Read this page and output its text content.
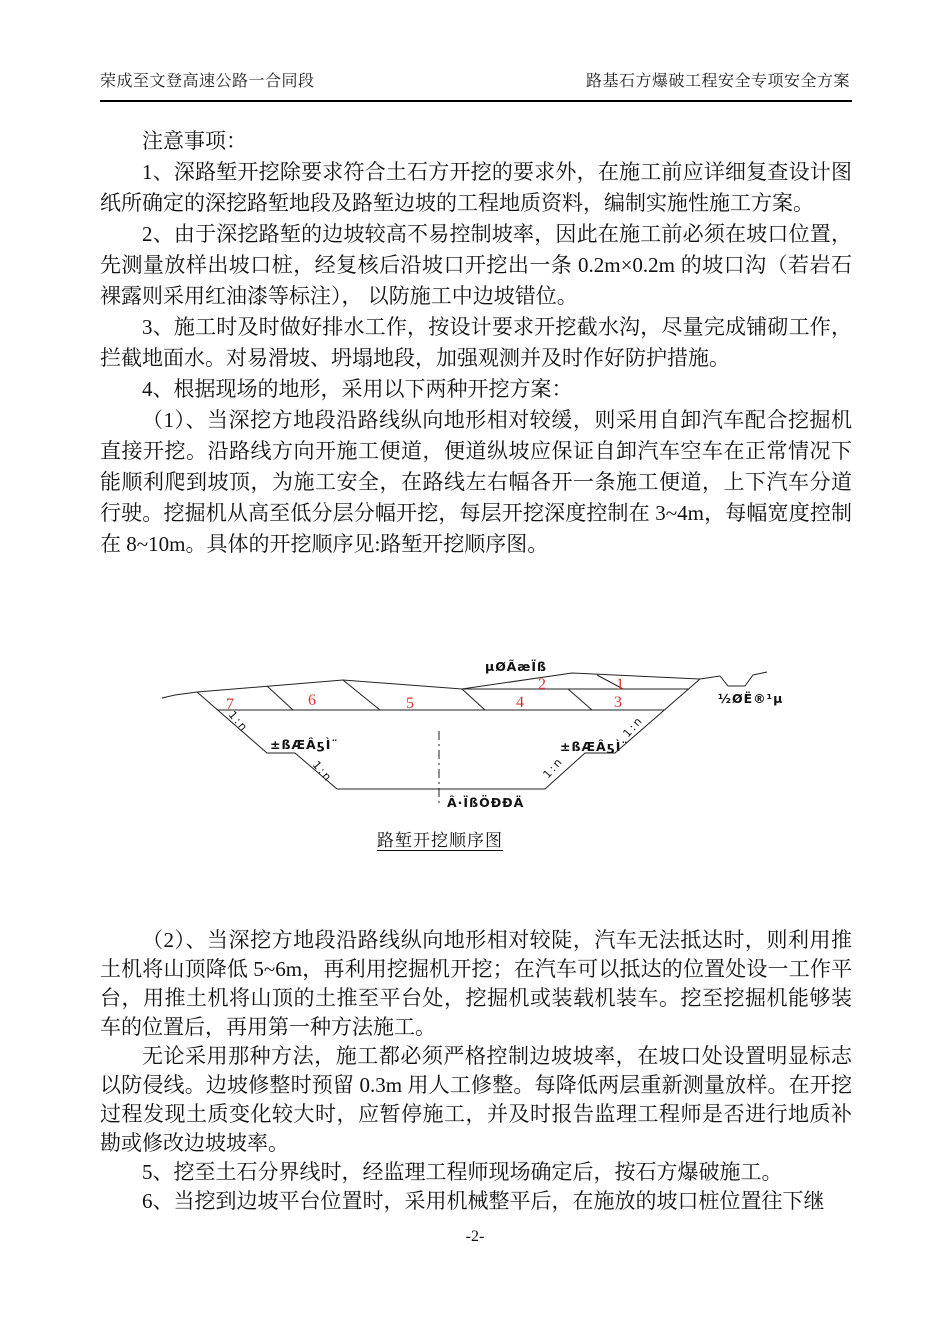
荣成至文登高速公路一合同段	路基石方爆破工程安全专项安全方案

注意事项：

1、深路堑开挖除要求符合土石方开挖的要求外，在施工前应详细复查设计图纸所确定的深挖路堑地段及路堑边坡的工程地质资料，编制实施性施工方案。

2、由于深挖路堑的边坡较高不易控制坡率，因此在施工前必须在坡口位置，先测量放样出坡口桩，经复核后沿坡口开挖出一条 0.2m×0.2m 的坡口沟（若岩石裸露则采用红油漆等标注）， 以防施工中边坡错位。

3、施工时及时做好排水工作，按设计要求开挖截水沟，尽量完成铺砌工作，拦截地面水。对易滑坡、坍塌地段，加强观测并及时作好防护措施。

4、根据现场的地形，采用以下两种开挖方案：

（1）、当深挖方地段沿路线纵向地形相对较缓，则采用自卸汽车配合挖掘机直接开挖。沿路线方向开施工便道，便道纵坡应保证自卸汽车空车在正常情况下能顺利爬到坡顶，为施工安全，在路线左右幅各开一条施工便道，上下汽车分道行驶。挖掘机从高至低分层分幅开挖，每层开挖深度控制在 3~4m，每幅宽度控制在 8~10m。具体的开挖顺序见:路堑开挖顺序图。

1
2
3
4
5
6
7
µØÃæÏß
½ØË®¹µ
±ßÆÂƽÌ¨	±ßÆÂƽÌ¨
Â·ÏßÖÐÐÄ
1:n
1:n	1:n
1:n
路堑开挖顺序图

（2）、当深挖方地段沿路线纵向地形相对较陡，汽车无法抵达时，则利用推土机将山顶降低 5~6m，再利用挖掘机开挖；在汽车可以抵达的位置处设一工作平台，用推土机将山顶的土推至平台处，挖掘机或装载机装车。挖至挖掘机能够装车的位置后，再用第一种方法施工。

无论采用那种方法，施工都必须严格控制边坡坡率，在坡口处设置明显标志以防侵线。边坡修整时预留 0.3m 用人工修整。每降低两层重新测量放样。在开挖过程发现土质变化较大时，应暂停施工，并及时报告监理工程师是否进行地质补勘或修改边坡坡率。

5、挖至土石分界线时，经监理工程师现场确定后，按石方爆破施工。

6、当挖到边坡平台位置时，采用机械整平后，在施放的坡口桩位置往下继

-2-
